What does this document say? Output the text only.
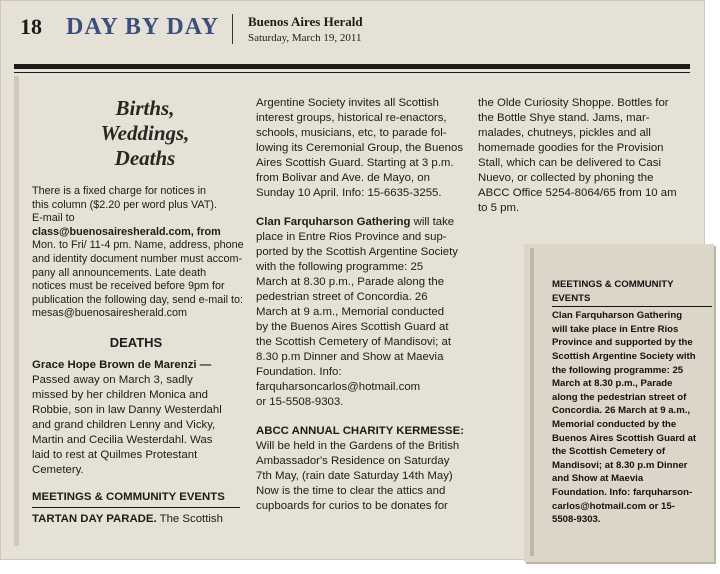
18 DAY BY DAY Buenos Aires Herald
Saturday, March 19, 2011
Births,
Weddings,
Deaths
There is a fixed charge for notices in
this column ($2.20 per word plus VAT).
E-mail to
class@buenosairesherald.com, from
Mon. to Fri/ 11-4 pm. Name, address, phone
and identity document number must accom-
pany all announcements. Late death
notices must be received before 9pm for
publication the following day, send e-mail to:
mesas@buenosairesherald.com
DEATHS
Grace Hope Brown de Marenzi —
Passed away on March 3, sadly
missed by her children Monica and
Robbie, son in law Danny Westerdahl
and grand children Lenny and Vicky,
Martin and Cecilia Westerdahl. Was
laid to rest at Quilmes Protestant
Cemetery.
MEETINGS & COMMUNITY EVENTS
TARTAN DAY PARADE. The Scottish
Argentine Society invites all Scottish
interest groups, historical re-enactors,
schools, musicians, etc, to parade fol-
lowing its Ceremonial Group, the Buenos
Aires Scottish Guard. Starting at 3 p.m.
from Bolivar and Ave. de Mayo, on
Sunday 10 April. Info: 15-6635-3255.
Clan Farquharson Gathering will take
place in Entre Rios Province and sup-
ported by the Scottish Argentine Society
with the following programme: 25
March at 8.30 p.m., Parade along the
pedestrian street of Concordia. 26
March at 9 a.m., Memorial conducted
by the Buenos Aires Scottish Guard at
the Scottish Cemetery of Mandisovi; at
8.30 p.m Dinner and Show at Maevia
Foundation. Info:
farquharsoncarlos@hotmail.com
or 15-5508-9303.
ABCC ANNUAL CHARITY KERMESSE:
Will be held in the Gardens of the British
Ambassador's Residence on Saturday
7th May, (rain date Saturday 14th May)
Now is the time to clear the attics and
cupboards for curios to be donates for
the Olde Curiosity Shoppe. Bottles for
the Bottle Shye stand. Jams, mar-
malades, chutneys, pickles and all
homemade goodies for the Provision
Stall, which can be delivered to Casi
Nuevo, or collected by phoning the
ABCC Office 5254-8064/65 from 10 am
to 5 pm.
MEETINGS & COMMUNITY
EVENTS
Clan Farquharson Gathering
will take place in Entre Rios
Province and supported by the
Scottish Argentine Society with
the following programme: 25
March at 8.30 p.m., Parade
along the pedestrian street of
Concordia. 26 March at 9 a.m.,
Memorial conducted by the
Buenos Aires Scottish Guard at
the Scottish Cemetery of
Mandisovi; at 8.30 p.m Dinner
and Show at Maevia
Foundation. Info: farquharson-
carlos@hotmail.com or 15-
5508-9303.
